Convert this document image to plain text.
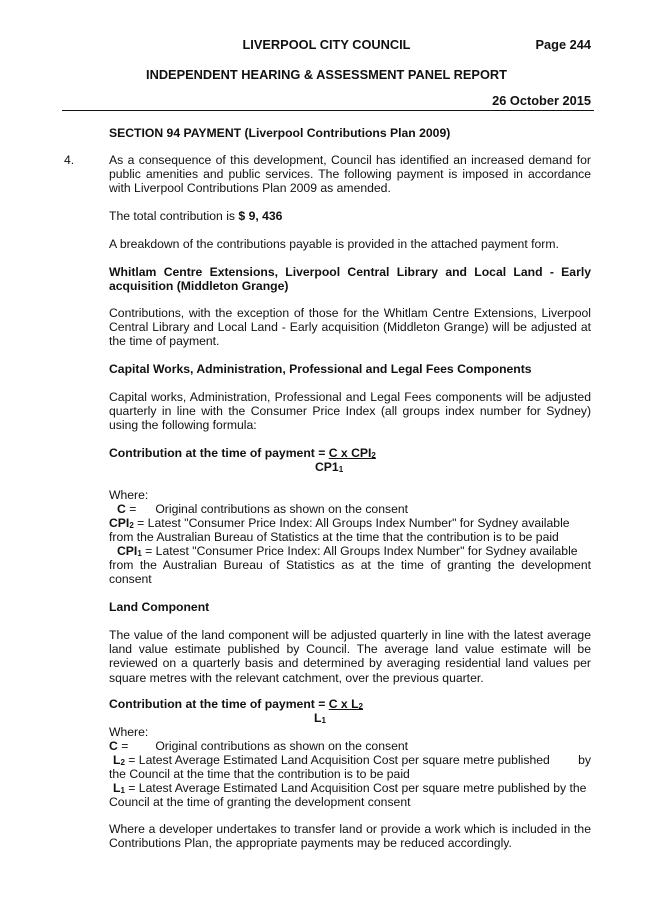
LIVERPOOL CITY COUNCIL	Page 244
INDEPENDENT HEARING & ASSESSMENT PANEL REPORT
26 October 2015
SECTION 94 PAYMENT (Liverpool Contributions Plan 2009)
4.	As a consequence of this development, Council has identified an increased demand for public amenities and public services. The following payment is imposed in accordance with Liverpool Contributions Plan 2009 as amended.
The total contribution is $ 9, 436
A breakdown of the contributions payable is provided in the attached payment form.
Whitlam Centre Extensions, Liverpool Central Library and Local Land - Early acquisition (Middleton Grange)
Contributions, with the exception of those for the Whitlam Centre Extensions, Liverpool Central Library and Local Land - Early acquisition (Middleton Grange) will be adjusted at the time of payment.
Capital Works, Administration, Professional and Legal Fees Components
Capital works, Administration, Professional and Legal Fees components will be adjusted quarterly in line with the Consumer Price Index (all groups index number for Sydney) using the following formula:
Contribution at the time of payment = C x $CPI_2$
$CP1_1$
Where:
C = Original contributions as shown on the consent
$CPI_2$ = Latest "Consumer Price Index: All Groups Index Number" for Sydney available
from the Australian Bureau of Statistics at the time that the contribution is to be paid
$CPI_1$ = Latest "Consumer Price Index: All Groups Index Number" for Sydney available
from the Australian Bureau of Statistics as at the time of granting the development
consent
Land Component
The value of the land component will be adjusted quarterly in line with the latest average land value estimate published by Council. The average land value estimate will be reviewed on a quarterly basis and determined by averaging residential land values per square metres with the relevant catchment, over the previous quarter.
Contribution at the time of payment = C x $L_2$
$L_1$
Where:
C = Original contributions as shown on the consent
$L_2$ = Latest Average Estimated Land Acquisition Cost per square metre published by
the Council at the time that the contribution is to be paid
$L_1$ = Latest Average Estimated Land Acquisition Cost per square metre published by the
Council at the time of granting the development consent
Where a developer undertakes to transfer land or provide a work which is included in the Contributions Plan, the appropriate payments may be reduced accordingly.
